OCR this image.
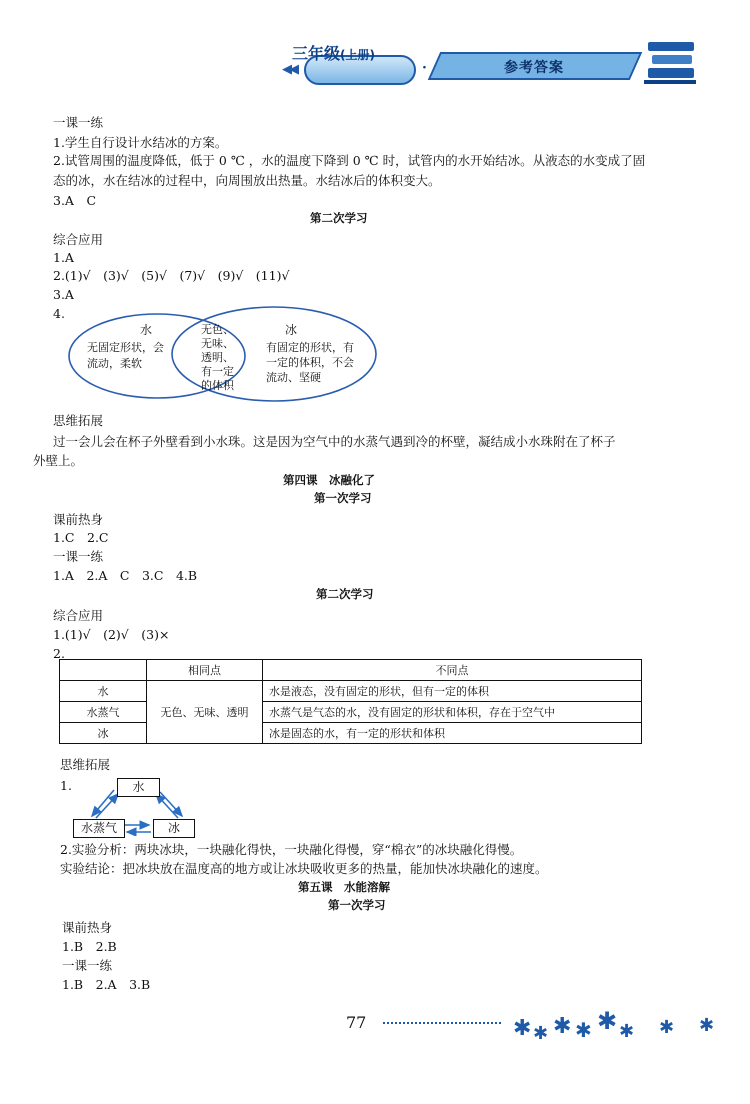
◀◀
三年级(上册)
·	参考答案
一课一练
1.学生自行设计水结冰的方案。
2.试管周围的温度降低，低于 0 ℃ ，水的温度下降到 0 ℃ 时，试管内的水开始结冰。从液态的水变成了固
态的冰，水在结冰的过程中，向周围放出热量。水结冰后的体积变大。
3.A　C
第二次学习
综合应用
1.A
2.(1)√　(3)√　(5)√　(7)√　(9)√　(11)√
3.A
4.
水
无固定形状，会
流动，柔软
无色、
无味、
透明、
有一定
的体积
冰
有固定的形状，有
一定的体积，不会
流动、坚硬
思维拓展
过一会儿会在杯子外壁看到小水珠。这是因为空气中的水蒸气遇到冷的杯壁，凝结成小水珠附在了杯子
外壁上。
第四课　冰融化了
第一次学习
课前热身
1.C　2.C
一课一练
1.A　2.A　C　3.C　4.B
第二次学习
综合应用
1.(1)√　(2)√　(3)×
2.
	相同点	不同点
水	无色、无味、透明	水是液态，没有固定的形状，但有一定的体积
水蒸气		水蒸气是气态的水，没有固定的形状和体积，存在于空气中
冰		冰是固态的水，有一定的形状和体积
思维拓展
1.	水
水蒸气	冰
2.实验分析：两块冰块，一块融化得快，一块融化得慢，穿“棉衣”的冰块融化得慢。
实验结论：把冰块放在温度高的地方或让冰块吸收更多的热量，能加快冰块融化的速度。
第五课　水能溶解
第一次学习
课前热身
1.B　2.B
一课一练
1.B　2.A　3.B
77	✱ ✱ ✱ ✱ ✱ ✱ ✱ ✱
